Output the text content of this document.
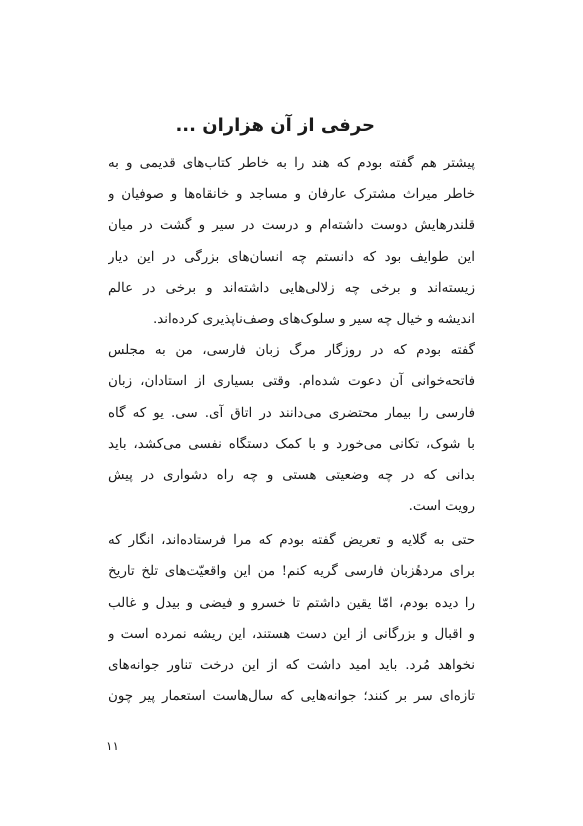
حرفی از آن هزاران ...
پیشتر هم گفته بودم که هند را به خاطر کتاب‌های قدیمی و به
خاطر میراث مشترک عارفان و مساجد و خانقاه‌ها و صوفیان و
قلندرهایش دوست داشته‌ام و درست در سیر و گشت در میان
این طوایف بود که دانستم چه انسان‌های بزرگی در این دیار
زیسته‌اند و برخی چه زلالی‌هایی داشته‌اند و برخی در عالم
اندیشه و خیال چه سیر و سلوک‌های وصف‌ناپذیری کرده‌اند.
گفته بودم که در روزگار مرگ زبان فارسی، من به مجلس
فاتحه‌خوانی آن دعوت شده‌ام. وقتی بسیاری از استادان، زبان
فارسی را بیمار محتضری می‌دانند در اتاق آی. سی. یو که گاه
با شوک، تکانی می‌خورد و با کمک دستگاه نفسی می‌کشد، باید
بدانی که در چه وضعیتی هستی و چه راه دشواری در پیش
رویت است.
حتی به گلایه و تعریض گفته بودم که مرا فرستاده‌اند، انگار که
برای مردهٔزبان فارسی گریه کنم! من این واقعیّت‌های تلخ تاریخ
را دیده بودم، امّا یقین داشتم تا خسرو و فیضی و بیدل و غالب
و اقبال و بزرگانی از این دست هستند، این ریشه نمرده است و
نخواهد مُرد. باید امید داشت که از این درخت تناور جوانه‌های
تازه‌ای سر بر کنند؛ جوانه‌هایی که سال‌هاست استعمار پیر چون
۱۱
